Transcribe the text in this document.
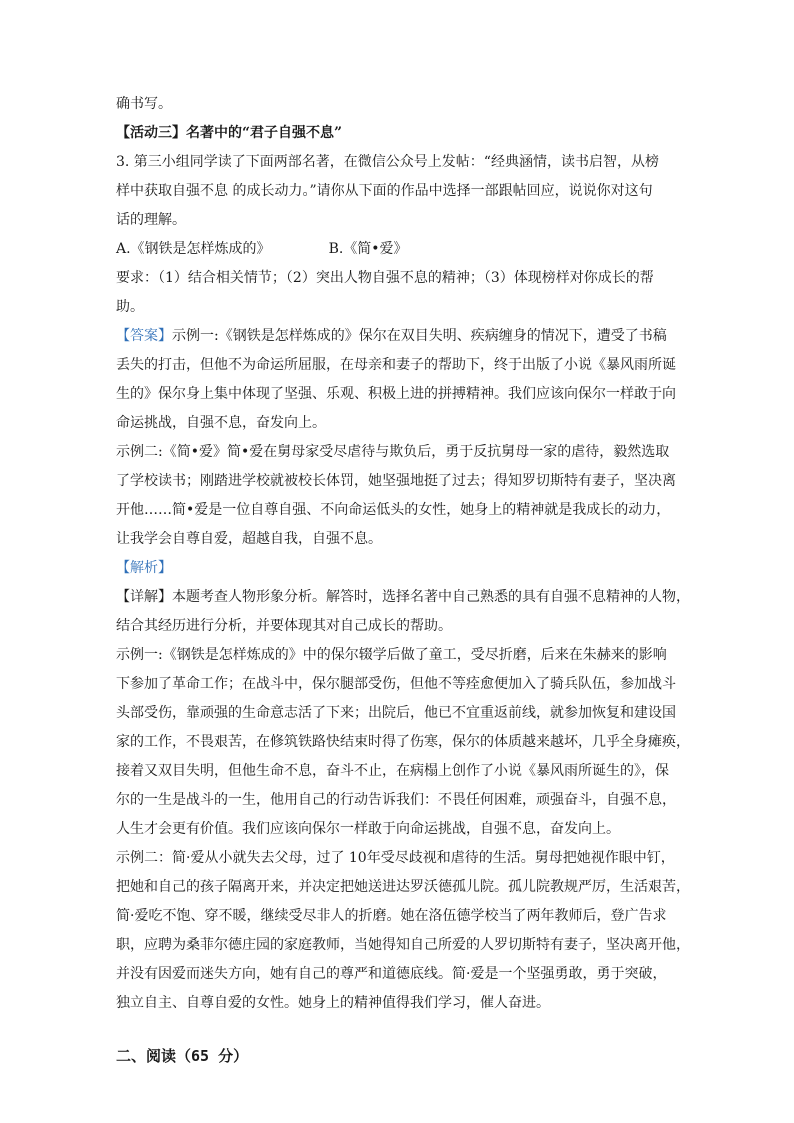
确书写。
【活动三】名著中的“君子自强不息”
3. 第三小组同学读了下面两部名著，在微信公众号上发帖：“经典涵情，读书启智，从榜
样中获取自强不息 的成长动力。”请你从下面的作品中选择一部跟帖回应，说说你对这句
话的理解。
A.《钢铁是怎样炼成的》	B.《简•爱》
要求：（1）结合相关情节；（2）突出人物自强不息的精神；（3）体现榜样对你成长的帮
助。
【答案】示例一:《钢铁是怎样炼成的》保尔在双目失明、疾病缠身的情况下，遭受了书稿
丢失的打击，但他不为命运所屈服，在母亲和妻子的帮助下，终于出版了小说《暴风雨所诞
生的》保尔身上集中体现了坚强、乐观、积极上进的拼搏精神。我们应该向保尔一样敢于向
命运挑战，自强不息，奋发向上。
示例二:《简•爱》简•爱在舅母家受尽虐待与欺负后，勇于反抗舅母一家的虐待，毅然选取
了学校读书；刚踏进学校就被校长体罚，她坚强地挺了过去；得知罗切斯特有妻子，坚决离
开他……简•爱是一位自尊自强、不向命运低头的女性，她身上的精神就是我成长的动力，
让我学会自尊自爱，超越自我，自强不息。
【解析】
【详解】本题考查人物形象分析。解答时，选择名著中自己熟悉的具有自强不息精神的人物，
结合其经历进行分析，并要体现其对自己成长的帮助。
示例一:《钢铁是怎样炼成的》中的保尔辍学后做了童工，受尽折磨，后来在朱赫来的影响
下参加了革命工作；在战斗中，保尔腿部受伤，但他不等痊愈便加入了骑兵队伍，参加战斗
头部受伤，靠顽强的生命意志活了下来；出院后，他已不宜重返前线，就参加恢复和建设国
家的工作，不畏艰苦，在修筑铁路快结束时得了伤寒，保尔的体质越来越坏，几乎全身瘫痪，
接着又双目失明，但他生命不息，奋斗不止，在病榻上创作了小说《暴风雨所诞生的》，保
尔的一生是战斗的一生，他用自己的行动告诉我们：不畏任何困难，顽强奋斗，自强不息，
人生才会更有价值。我们应该向保尔一样敢于向命运挑战，自强不息，奋发向上。
示例二：简·爱从小就失去父母，过了 10年受尽歧视和虐待的生活。舅母把她视作眼中钉，
把她和自己的孩子隔离开来，并决定把她送进达罗沃德孤儿院。孤儿院教规严厉，生活艰苦，
简·爱吃不饱、穿不暖，继续受尽非人的折磨。她在洛伍德学校当了两年教师后，登广告求
职，应聘为桑菲尔德庄园的家庭教师，当她得知自己所爱的人罗切斯特有妻子，坚决离开他，
并没有因爱而迷失方向，她有自己的尊严和道德底线。简·爱是一个坚强勇敢，勇于突破，
独立自主、自尊自爱的女性。她身上的精神值得我们学习，催人奋进。
二、阅读（65 分）
